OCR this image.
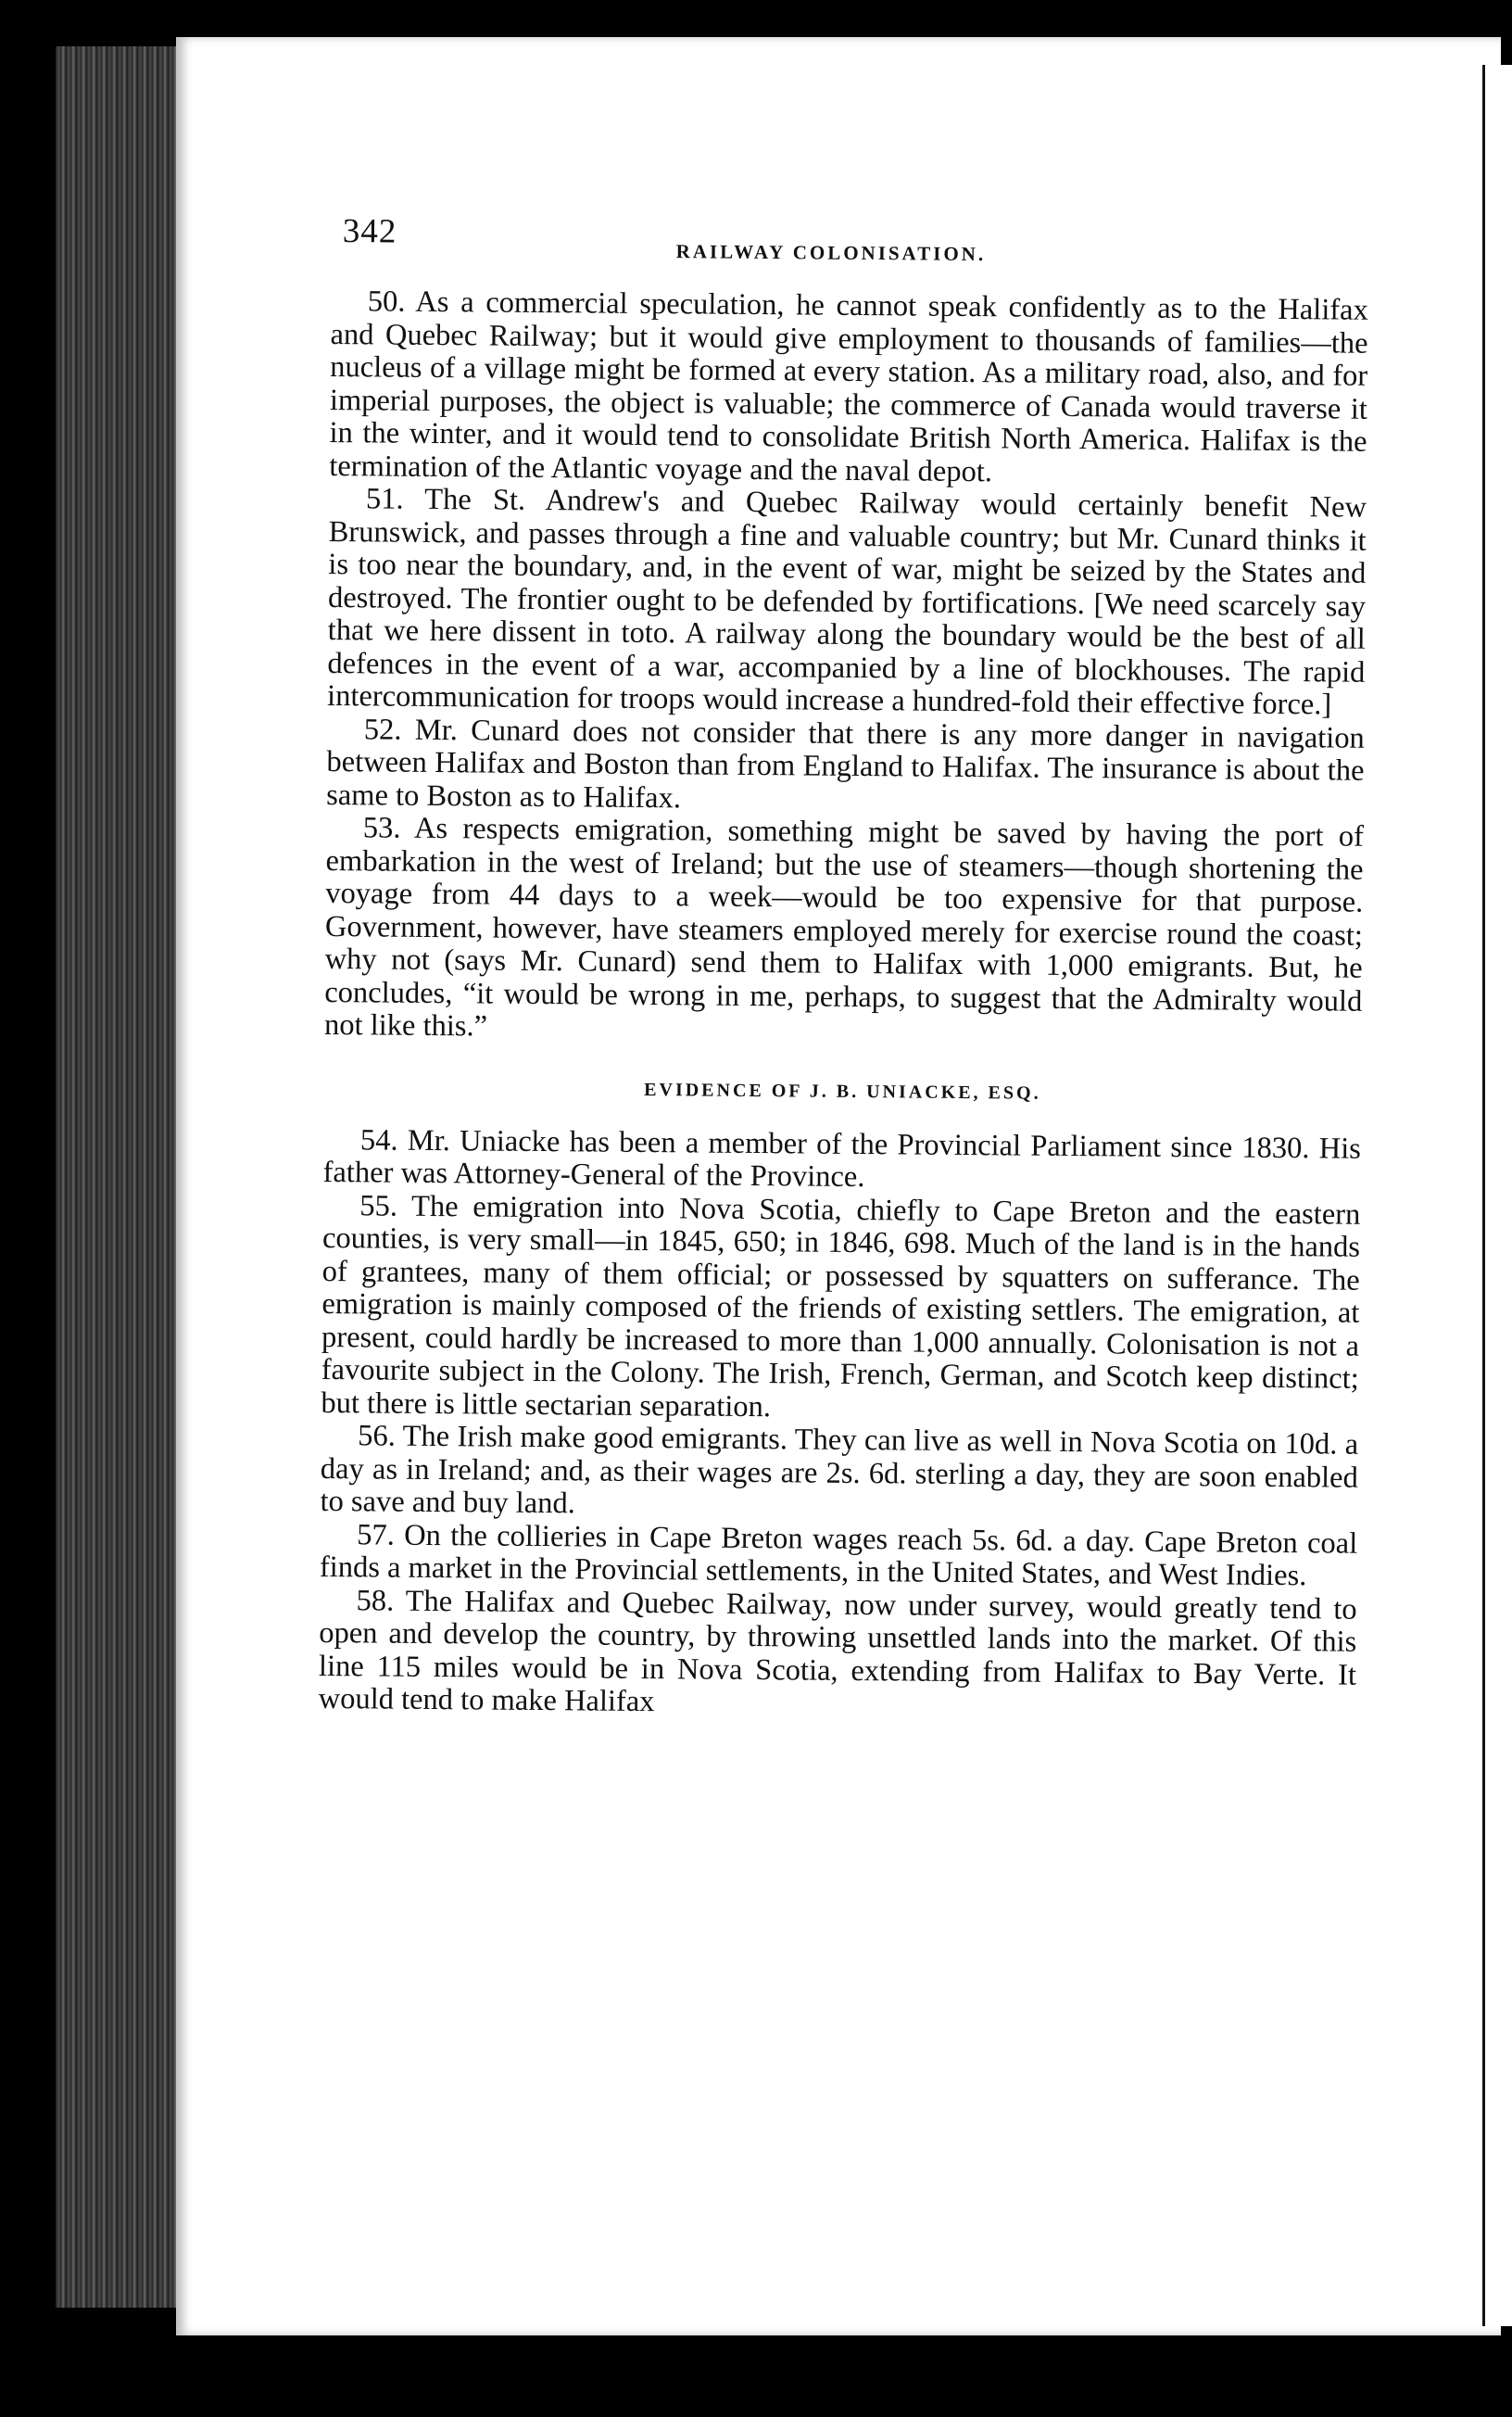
342
RAILWAY COLONISATION.

50. As a commercial speculation, he cannot speak confidently as to the Halifax and Quebec Railway; but it would give employment to thousands of families—the nucleus of a village might be formed at every station. As a military road, also, and for imperial purposes, the object is valuable; the commerce of Canada would traverse it in the winter, and it would tend to consolidate British North America. Halifax is the termination of the Atlantic voyage and the naval depot.

51. The St. Andrew's and Quebec Railway would certainly benefit New Brunswick, and passes through a fine and valuable country; but Mr. Cunard thinks it is too near the boundary, and, in the event of war, might be seized by the States and destroyed. The frontier ought to be defended by fortifications. [We need scarcely say that we here dissent in toto. A railway along the boundary would be the best of all defences in the event of a war, accompanied by a line of blockhouses. The rapid intercommunication for troops would increase a hundred-fold their effective force.]

52. Mr. Cunard does not consider that there is any more danger in navigation between Halifax and Boston than from England to Halifax. The insurance is about the same to Boston as to Halifax.

53. As respects emigration, something might be saved by having the port of embarkation in the west of Ireland; but the use of steamers—though shortening the voyage from 44 days to a week—would be too expensive for that purpose. Government, however, have steamers employed merely for exercise round the coast; why not (says Mr. Cunard) send them to Halifax with 1,000 emigrants. But, he concludes, “it would be wrong in me, perhaps, to suggest that the Admiralty would not like this.”

EVIDENCE OF J. B. UNIACKE, ESQ.

54. Mr. Uniacke has been a member of the Provincial Parliament since 1830. His father was Attorney-General of the Province.

55. The emigration into Nova Scotia, chiefly to Cape Breton and the eastern counties, is very small—in 1845, 650; in 1846, 698. Much of the land is in the hands of grantees, many of them official; or possessed by squatters on sufferance. The emigration is mainly composed of the friends of existing settlers. The emigration, at present, could hardly be increased to more than 1,000 annually. Colonisation is not a favourite subject in the Colony. The Irish, French, German, and Scotch keep distinct; but there is little sectarian separation.

56. The Irish make good emigrants. They can live as well in Nova Scotia on 10d. a day as in Ireland; and, as their wages are 2s. 6d. sterling a day, they are soon enabled to save and buy land.

57. On the collieries in Cape Breton wages reach 5s. 6d. a day. Cape Breton coal finds a market in the Provincial settlements, in the United States, and West Indies.

58. The Halifax and Quebec Railway, now under survey, would greatly tend to open and develop the country, by throwing unsettled lands into the market. Of this line 115 miles would be in Nova Scotia, extending from Halifax to Bay Verte. It would tend to make Halifax
